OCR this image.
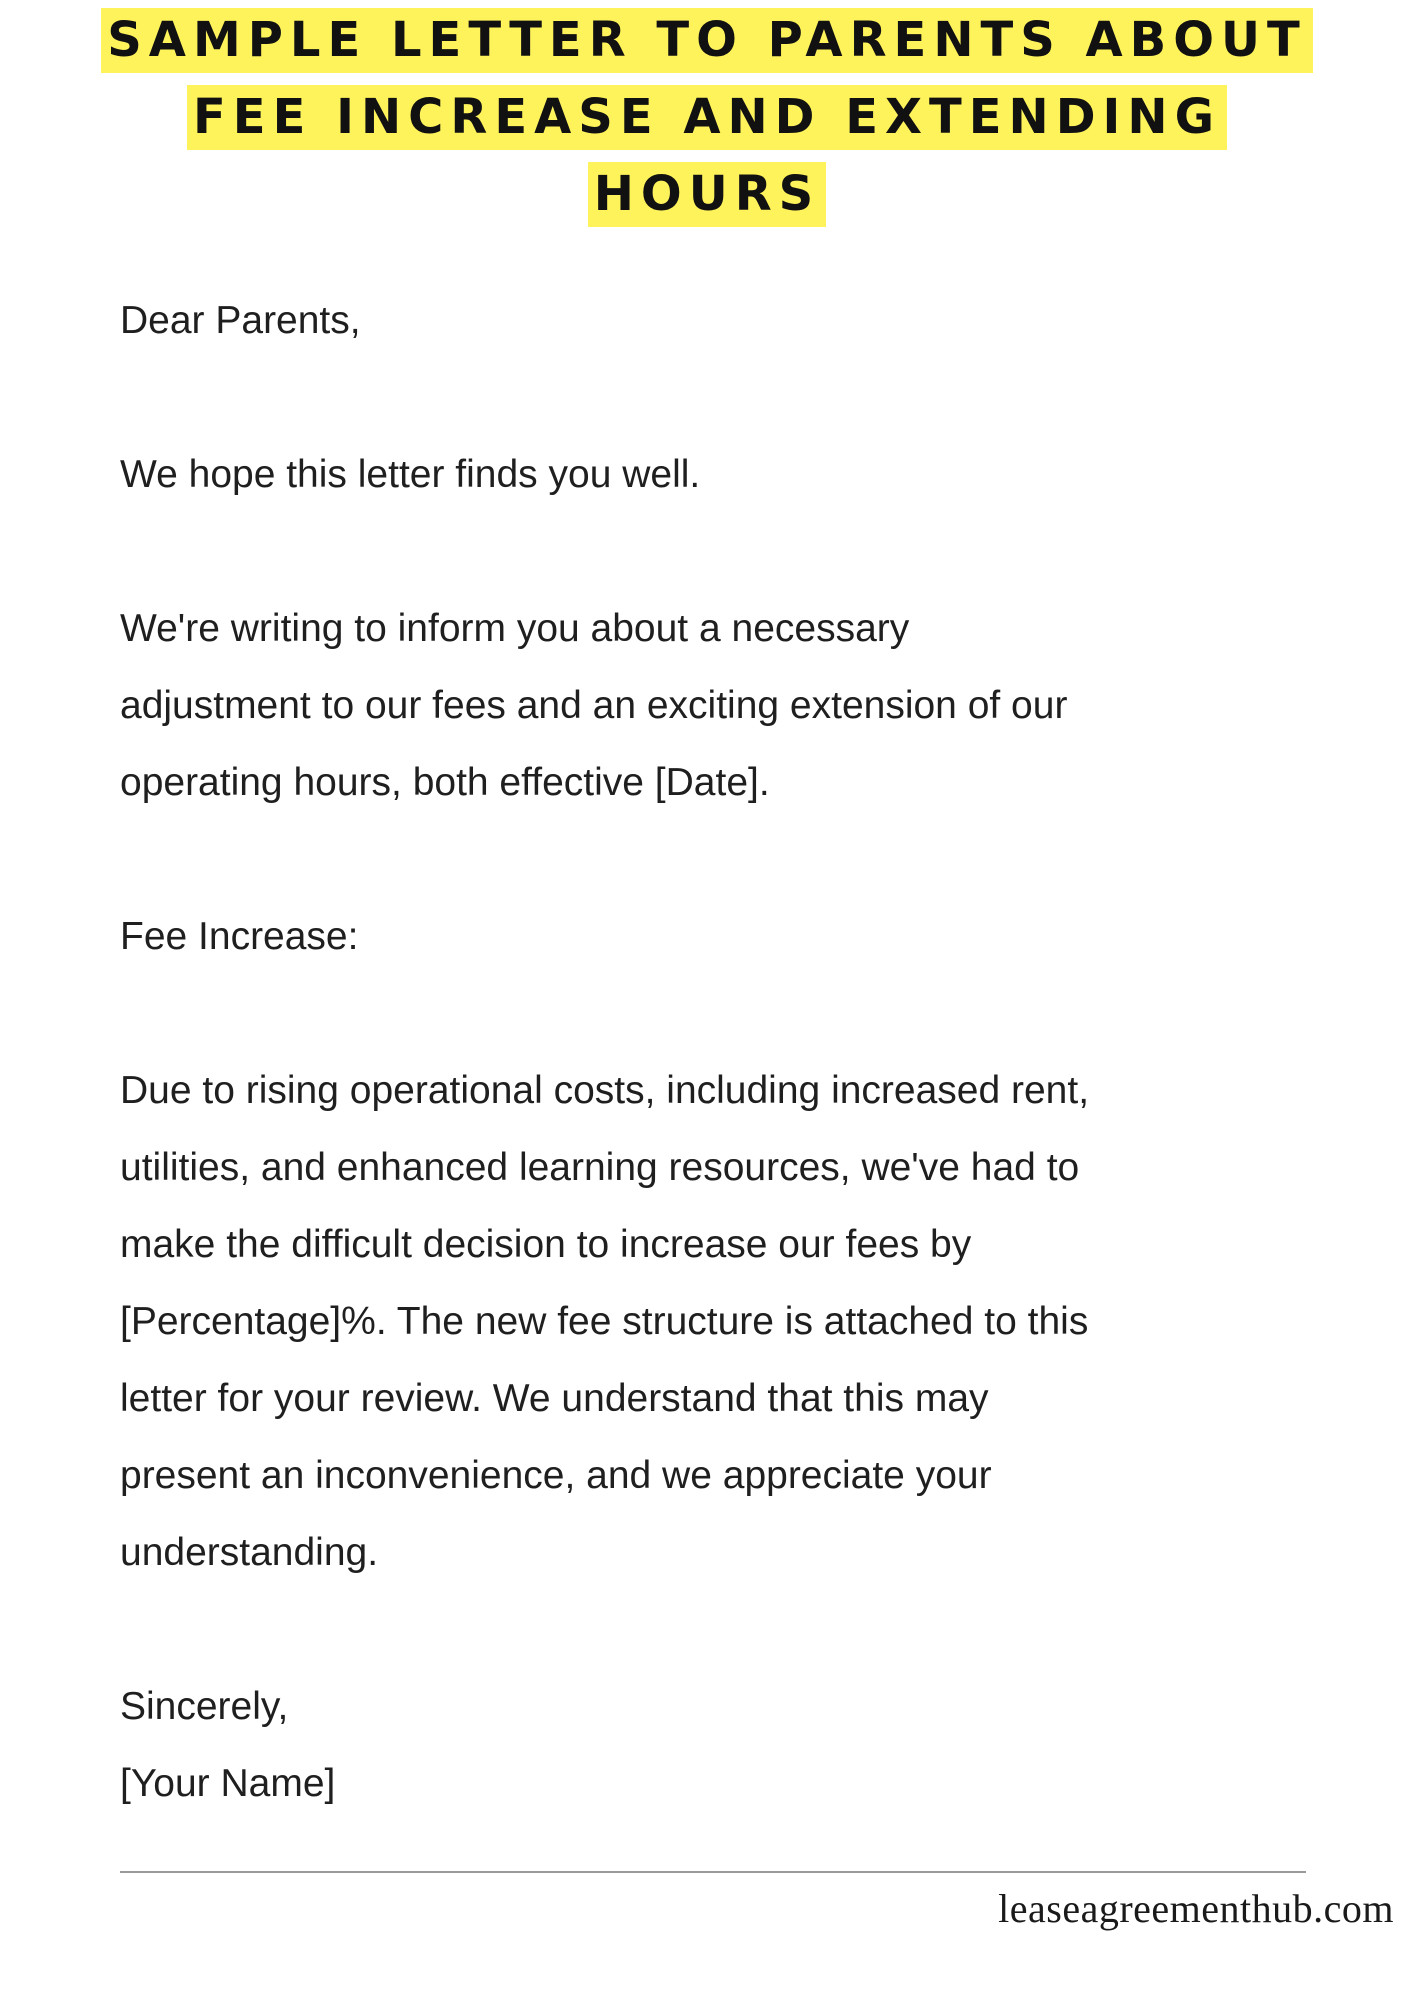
SAMPLE LETTER TO PARENTS ABOUT
FEE INCREASE AND EXTENDING
HOURS
Dear Parents,
We hope this letter finds you well.
We're writing to inform you about a necessary
adjustment to our fees and an exciting extension of our
operating hours, both effective [Date].
Fee Increase:
Due to rising operational costs, including increased rent,
utilities, and enhanced learning resources, we've had to
make the difficult decision to increase our fees by
[Percentage]%. The new fee structure is attached to this
letter for your review. We understand that this may
present an inconvenience, and we appreciate your
understanding.
Sincerely,
[Your Name]
leaseagreementhub.com
